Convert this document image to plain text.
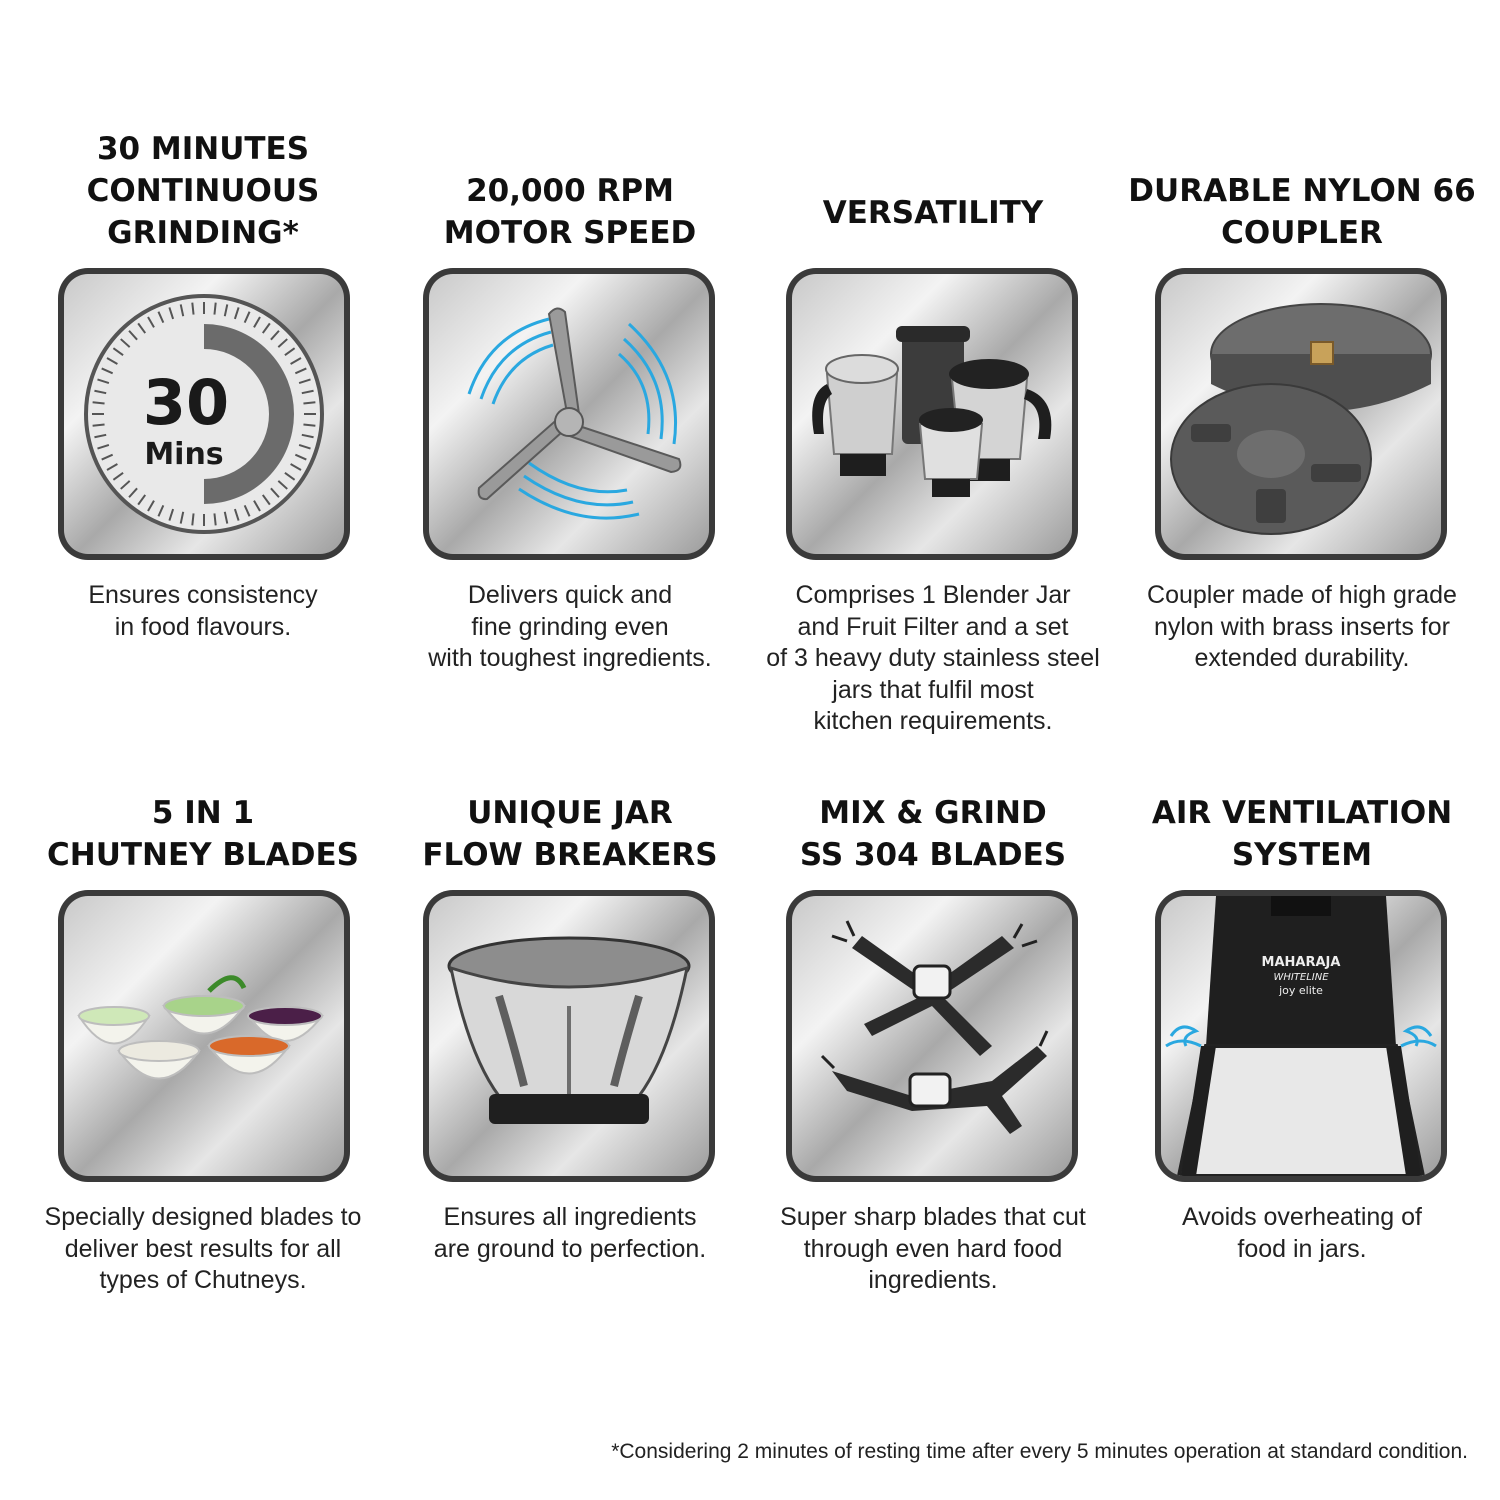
30 MINUTES
CONTINUOUS
GRINDING*
30
Mins
Ensures consistency
in food flavours.
20,000 RPM
MOTOR SPEED
Delivers quick and
fine grinding even
with toughest ingredients.
VERSATILITY
Comprises 1 Blender Jar
and Fruit Filter and a set
of 3 heavy duty stainless steel
jars that fulfil most
kitchen requirements.
DURABLE NYLON 66
COUPLER
Coupler made of high grade
nylon with brass inserts for
extended durability.
5 IN 1
CHUTNEY BLADES
Specially designed blades to
deliver best results for all
types of Chutneys.
UNIQUE JAR
FLOW BREAKERS
Ensures all ingredients
are ground to perfection.
MIX & GRIND
SS 304 BLADES
Super sharp blades that cut
through even hard food
ingredients.
AIR VENTILATION
SYSTEM
MAHARAJA
WHITELINE
joy elite
Avoids overheating of
food in jars.
*Considering 2 minutes of resting time after every 5 minutes operation at standard condition.
